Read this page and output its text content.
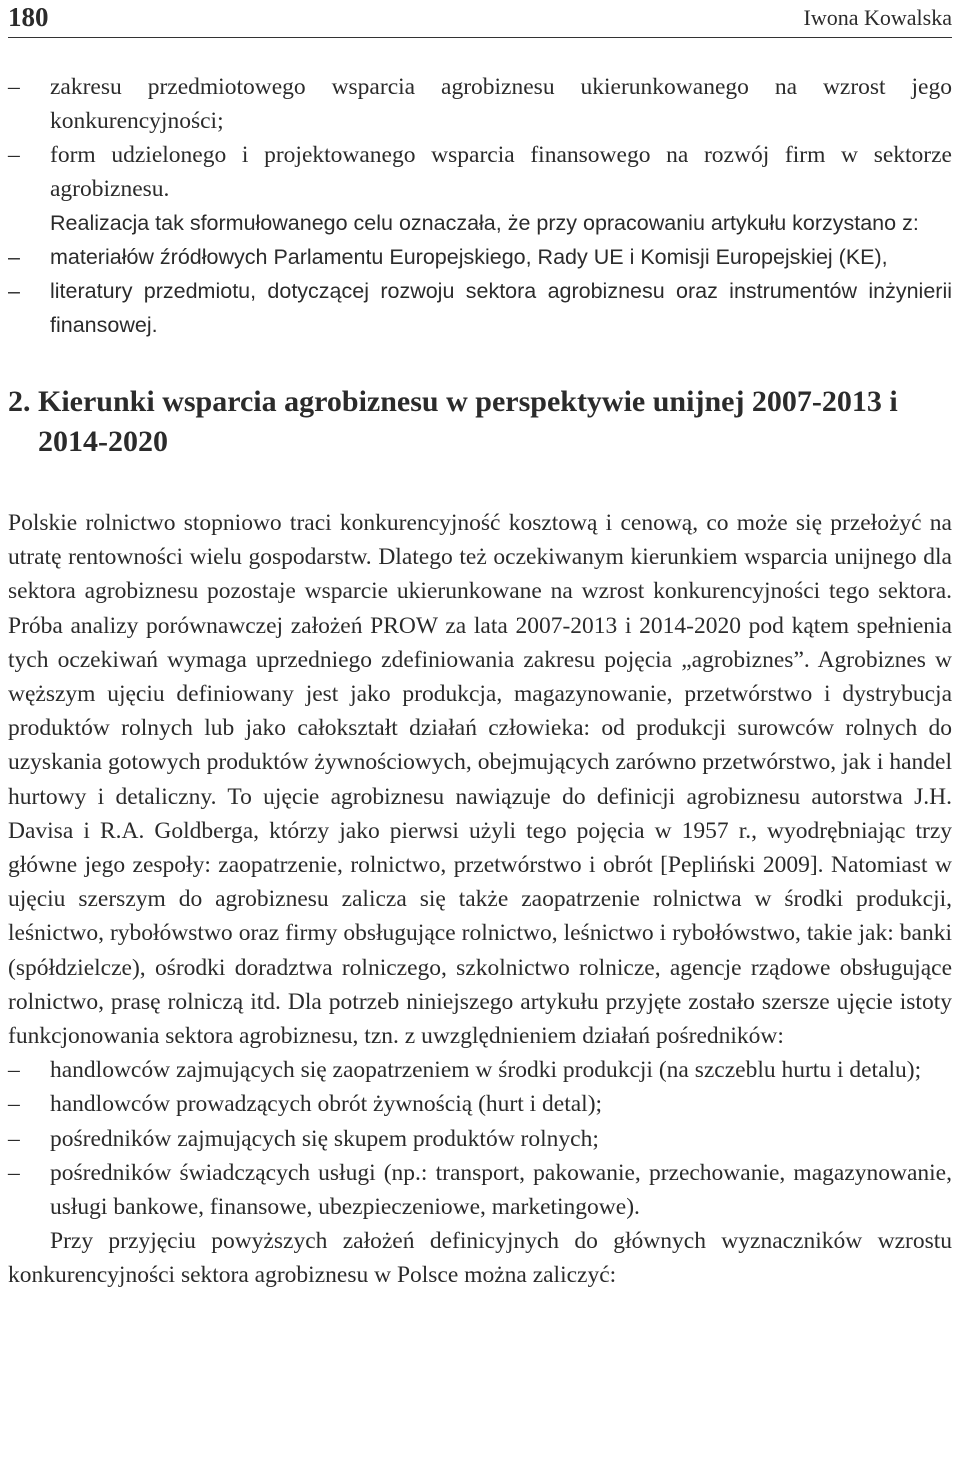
180	Iwona Kowalska

– zakresu przedmiotowego wsparcia agrobiznesu ukierunkowanego na wzrost jego konkurencyjności;

– form udzielonego i projektowanego wsparcia finansowego na rozwój firm w sektorze agrobiznesu.

Realizacja tak sformułowanego celu oznaczała, że przy opracowaniu artykułu korzystano z:

– materiałów źródłowych Parlamentu Europejskiego, Rady UE i Komisji Europejskiej (KE),

– literatury przedmiotu, dotyczącej rozwoju sektora agrobiznesu oraz instrumentów inżynierii finansowej.

2. Kierunki wsparcia agrobiznesu w perspektywie unijnej 2007-2013 i 2014-2020

Polskie rolnictwo stopniowo traci konkurencyjność kosztową i cenową, co może się przełożyć na utratę rentowności wielu gospodarstw. Dlatego też oczekiwanym kierunkiem wsparcia unijnego dla sektora agrobiznesu pozostaje wsparcie ukierunkowane na wzrost konkurencyjności tego sektora. Próba analizy porównawczej założeń PROW za lata 2007-2013 i 2014-2020 pod kątem spełnienia tych oczekiwań wymaga uprzedniego zdefiniowania zakresu pojęcia „agrobiznes”. Agrobiznes w węższym ujęciu definiowany jest jako produkcja, magazynowanie, przetwórstwo i dystrybucja produktów rolnych lub jako całokształt działań człowieka: od produkcji surowców rolnych do uzyskania gotowych produktów żywnościowych, obejmujących zarówno przetwórstwo, jak i handel hurtowy i detaliczny. To ujęcie agrobiznesu nawiązuje do definicji agrobiznesu autorstwa J.H. Davisa i R.A. Goldberga, którzy jako pierwsi użyli tego pojęcia w 1957 r., wyodrębniając trzy główne jego zespoły: zaopatrzenie, rolnictwo, przetwórstwo i obrót [Pepliński 2009]. Natomiast w ujęciu szerszym do agrobiznesu zalicza się także zaopatrzenie rolnictwa w środki produkcji, leśnictwo, rybołówstwo oraz firmy obsługujące rolnictwo, leśnictwo i rybołówstwo, takie jak: banki (spółdzielcze), ośrodki doradztwa rolniczego, szkolnictwo rolnicze, agencje rządowe obsługujące rolnictwo, prasę rolniczą itd. Dla potrzeb niniejszego artykułu przyjęte zostało szersze ujęcie istoty funkcjonowania sektora agrobiznesu, tzn. z uwzględnieniem działań pośredników:

– handlowców zajmujących się zaopatrzeniem w środki produkcji (na szczeblu hurtu i detalu);

– handlowców prowadzących obrót żywnością (hurt i detal);

– pośredników zajmujących się skupem produktów rolnych;

– pośredników świadczących usługi (np.: transport, pakowanie, przechowanie, magazynowanie, usługi bankowe, finansowe, ubezpieczeniowe, marketingowe).

Przy przyjęciu powyższych założeń definicyjnych do głównych wyznaczników wzrostu konkurencyjności sektora agrobiznesu w Polsce można zaliczyć:
